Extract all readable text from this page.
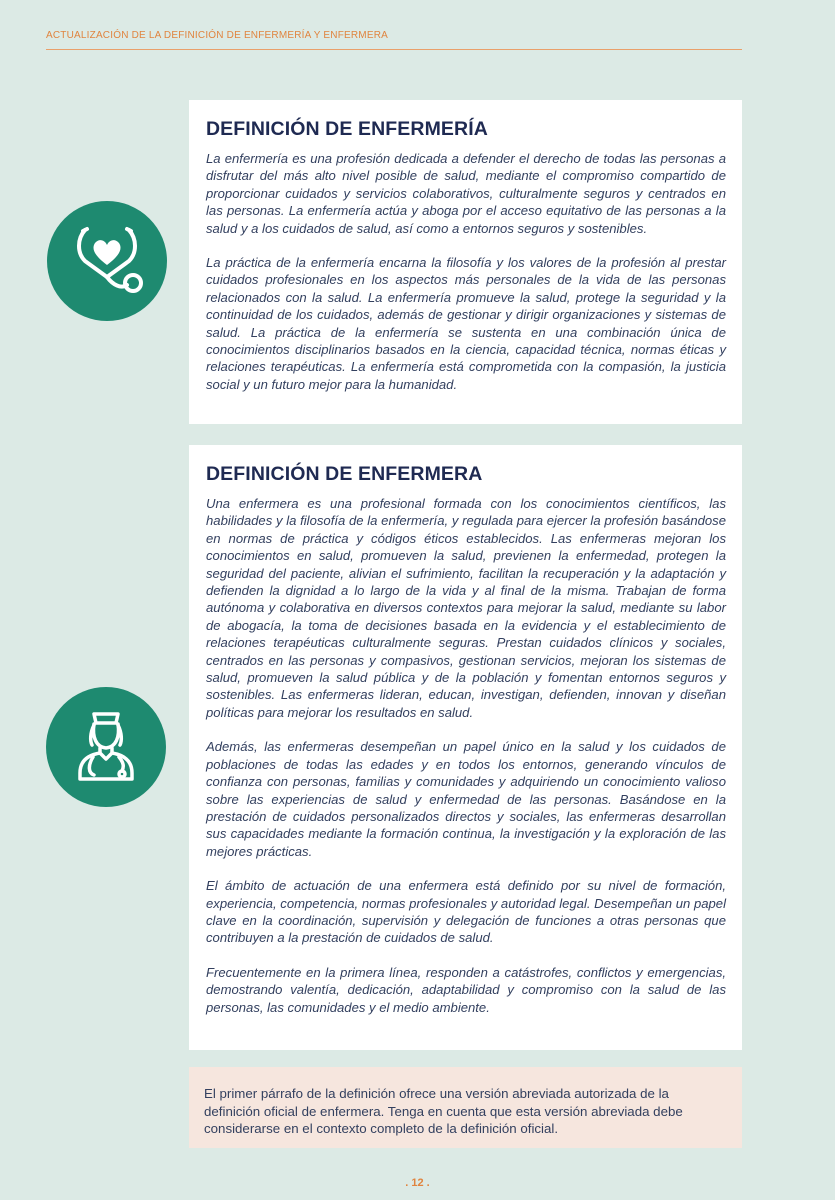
ACTUALIZACIÓN DE LA DEFINICIÓN DE ENFERMERÍA Y ENFERMERA
DEFINICIÓN DE ENFERMERÍA

La enfermería es una profesión dedicada a defender el derecho de todas las personas a disfrutar del más alto nivel posible de salud, mediante el compromiso compartido de proporcionar cuidados y servicios colaborativos, culturalmente seguros y centrados en las personas. La enfermería actúa y aboga por el acceso equitativo de las personas a la salud y a los cuidados de salud, así como a entornos seguros y sostenibles.

La práctica de la enfermería encarna la filosofía y los valores de la profesión al prestar cuidados profesionales en los aspectos más personales de la vida de las personas relacionados con la salud. La enfermería promueve la salud, protege la seguridad y la continuidad de los cuidados, además de gestionar y dirigir organizaciones y sistemas de salud. La práctica de la enfermería se sustenta en una combinación única de conocimientos disciplinarios basados en la ciencia, capacidad técnica, normas éticas y relaciones terapéuticas. La enfermería está comprometida con la compasión, la justicia social y un futuro mejor para la humanidad.

DEFINICIÓN DE ENFERMERA

Una enfermera es una profesional formada con los conocimientos científicos, las habilidades y la filosofía de la enfermería, y regulada para ejercer la profesión basándose en normas de práctica y códigos éticos establecidos. Las enfermeras mejoran los conocimientos en salud, promueven la salud, previenen la enfermedad, protegen la seguridad del paciente, alivian el sufrimiento, facilitan la recuperación y la adaptación y defienden la dignidad a lo largo de la vida y al final de la misma. Trabajan de forma autónoma y colaborativa en diversos contextos para mejorar la salud, mediante su labor de abogacía, la toma de decisiones basada en la evidencia y el establecimiento de relaciones terapéuticas culturalmente seguras. Prestan cuidados clínicos y sociales, centrados en las personas y compasivos, gestionan servicios, mejoran los sistemas de salud, promueven la salud pública y de la población y fomentan entornos seguros y sostenibles. Las enfermeras lideran, educan, investigan, defienden, innovan y diseñan políticas para mejorar los resultados en salud.

Además, las enfermeras desempeñan un papel único en la salud y los cuidados de poblaciones de todas las edades y en todos los entornos, generando vínculos de confianza con personas, familias y comunidades y adquiriendo un conocimiento valioso sobre las experiencias de salud y enfermedad de las personas. Basándose en la prestación de cuidados personalizados directos y sociales, las enfermeras desarrollan sus capacidades mediante la formación continua, la investigación y la exploración de las mejores prácticas.

El ámbito de actuación de una enfermera está definido por su nivel de formación, experiencia, competencia, normas profesionales y autoridad legal. Desempeñan un papel clave en la coordinación, supervisión y delegación de funciones a otras personas que contribuyen a la prestación de cuidados de salud.

Frecuentemente en la primera línea, responden a catástrofes, conflictos y emergencias, demostrando valentía, dedicación, adaptabilidad y compromiso con la salud de las personas, las comunidades y el medio ambiente.

El primer párrafo de la definición ofrece una versión abreviada autorizada de la definición oficial de enfermera. Tenga en cuenta que esta versión abreviada debe considerarse en el contexto completo de la definición oficial.

. 12 .
